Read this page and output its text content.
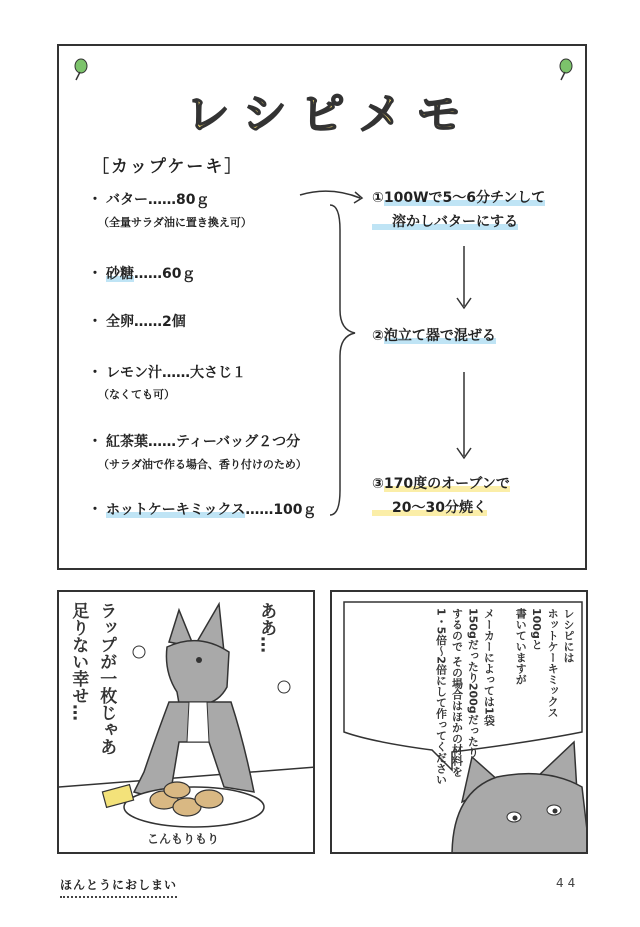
レシピメモ
［カップケーキ］
・ バター……80ｇ
（全量サラダ油に置き換え可）
・ 砂糖……60ｇ
・ 全卵……2個
・ レモン汁……大さじ１
（なくても可）
・ 紅茶葉……ティーバッグ２つ分
（サラダ油で作る場合、香り付けのため）
・ ホットケーキミックス……100ｇ
①100Wで5～6分チンして
溶かしバターにする
②泡立て器で混ぜる
③170度のオーブンで
20～30分焼く
ああ…
ラップが一枚じゃあ
足りない幸せ…
こんもりもり
レシピには
ホットケーキミックス
100gと
書いていますが

メーカーによっては1袋
150gだったり200gだったり
するので その場合はほかの材料を
1・5倍～2倍にして作ってください
ほんとうにおしまい	44
